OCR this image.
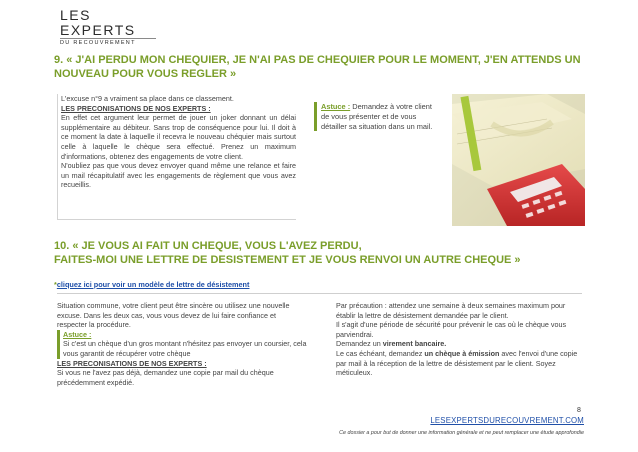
LES EXPERTS
DU RECOUVREMENT
9. « J'AI PERDU MON CHEQUIER, JE N'AI PAS DE CHEQUIER POUR LE MOMENT, J'EN ATTENDS UN NOUVEAU POUR VOUS REGLER »

L'excuse n°9 a vraiment sa place dans ce classement.

LES PRECONISATIONS DE NOS EXPERTS :

En effet cet argument leur permet de jouer un joker donnant un délai supplémentaire au débiteur. Sans trop de conséquence pour lui. Il doit à ce moment la date à laquelle il recevra le nouveau chéquier mais surtout celle à laquelle le chèque sera effectué. Prenez un maximum d'informations, obtenez des engagements de votre client.

N'oubliez pas que vous devez envoyer quand même une relance et faire un mail récapitulatif avec les engagements de règlement que vous avez recueillis.

Astuce : Demandez à votre client de vous présenter et de vous détailler sa situation dans un mail.

10. « JE VOUS AI FAIT UN CHEQUE, VOUS L'AVEZ PERDU,
FAITES-MOI UNE LETTRE DE DESISTEMENT ET JE VOUS RENVOI UN AUTRE CHEQUE »
*cliquez ici pour voir un modèle de lettre de désistement

Situation commune, votre client peut être sincère ou utilisez une nouvelle excuse. Dans les deux cas, vous vous devez de lui faire confiance et respecter la procédure.

Astuce :

Si c'est un chèque d'un gros montant n'hésitez pas envoyer un coursier, cela vous garantit de récupérer votre chèque

LES PRECONISATIONS DE NOS EXPERTS :

Si vous ne l'avez pas déjà, demandez une copie par mail du chèque précédemment expédié.

Par précaution : attendez une semaine à deux semaines maximum pour établir la lettre de désistement demandée par le client.

Il s'agit d'une période de sécurité pour prévenir le cas où le chèque vous parviendrai.

Demandez un virement bancaire.

Le cas échéant, demandez un chèque à émission avec l'envoi d'une copie par mail à la réception de la lettre de désistement par le client. Soyez méticuleux.

8
LESEXPERTSDURECOUVREMENT.COM
Ce dossier a pour but de donner une information générale et ne peut remplacer une étude approfondie
